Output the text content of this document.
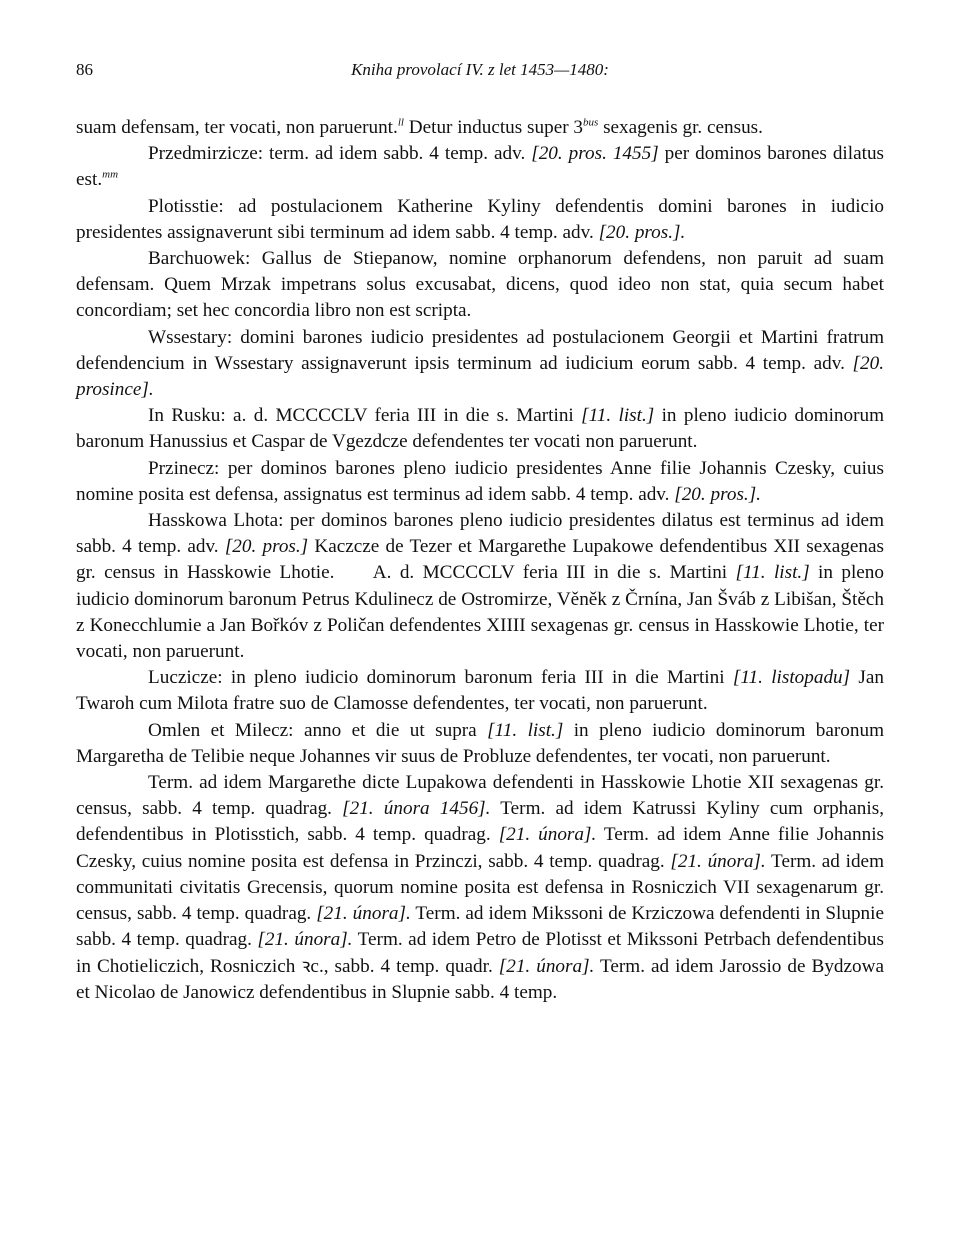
86	Kniha provolací IV. z let 1453—1480:

suam defensam, ter vocati, non paruerunt.$^{ll}$ Detur inductus super $3^{bus}$ sexagenis gr. census.

Przedmirzicze: term. ad idem sabb. 4 temp. adv. [20. pros. 1455] per dominos barones dilatus est.$^{mm}$

Plotisstie: ad postulacionem Katherine Kyliny defendentis domini barones in iudicio presidentes assignaverunt sibi terminum ad idem sabb. 4 temp. adv. [20. pros.].

Barchuowek: Gallus de Stiepanow, nomine orphanorum defendens, non paruit ad suam defensam. Quem Mrzak impetrans solus excusabat, dicens, quod ideo non stat, quia secum habet concordiam; set hec concordia libro non est scripta.

Wssestary: domini barones iudicio presidentes ad postulacionem Georgii et Martini fratrum defendencium in Wssestary assignaverunt ipsis terminum ad iudicium eorum sabb. 4 temp. adv. [20. prosince].

In Rusku: a. d. MCCCCLV feria III in die s. Martini [11. list.] in pleno iudicio dominorum baronum Hanussius et Caspar de Vgezdcze defendentes ter vocati non paruerunt.

Przinecz: per dominos barones pleno iudicio presidentes Anne filie Johannis Czesky, cuius nomine posita est defensa, assignatus est terminus ad idem sabb. 4 temp. adv. [20. pros.].

Hasskowa Lhota: per dominos barones pleno iudicio presidentes dilatus est terminus ad idem sabb. 4 temp. adv. [20. pros.] Kaczcze de Tezer et Margarethe Lupakowe defendentibus XII sexagenas gr. census in Hasskowie Lhotie.  A. d. MCCCCLV feria III in die s. Martini [11. list.] in pleno iudicio dominorum baronum Petrus Kdulinecz de Ostromirze, Věněk z Črnína, Jan Šváb z Libišan, Štěch z Konecchlumie a Jan Bořkóv z Poličan defendentes XIIII sexagenas gr. census in Hasskowie Lhotie, ter vocati, non paruerunt.

Luczicze: in pleno iudicio dominorum baronum feria III in die Martini [11. listopadu] Jan Twaroh cum Milota fratre suo de Clamosse defendentes, ter vocati, non paruerunt.

Omlen et Milecz: anno et die ut supra [11. list.] in pleno iudicio dominorum baronum Margaretha de Telibie neque Johannes vir suus de Probluze defendentes, ter vocati, non paruerunt.

Term. ad idem Margarethe dicte Lupakowa defendenti in Hasskowie Lhotie XII sexagenas gr. census, sabb. 4 temp. quadrag. [21. února 1456]. Term. ad idem Katrussi Kyliny cum orphanis, defendentibus in Plotisstich, sabb. 4 temp. quadrag. [21. února]. Term. ad idem Anne filie Johannis Czesky, cuius nomine posita est defensa in Przinczi, sabb. 4 temp. quadrag. [21. února]. Term. ad idem communitati civitatis Grecensis, quorum nomine posita est defensa in Rosniczich VII sexagenarum gr. census, sabb. 4 temp. quadrag. [21. února]. Term. ad idem Mikssoni de Krziczowa defendenti in Slupnie sabb. 4 temp. quadrag. [21. února]. Term. ad idem Petro de Plotisst et Mikssoni Petrbach defendentibus in Chotieliczich, Rosniczich ꝛc., sabb. 4 temp. quadr. [21. února]. Term. ad idem Jarossio de Bydzowa et Nicolao de Janowicz defendentibus in Slupnie sabb. 4 temp.
